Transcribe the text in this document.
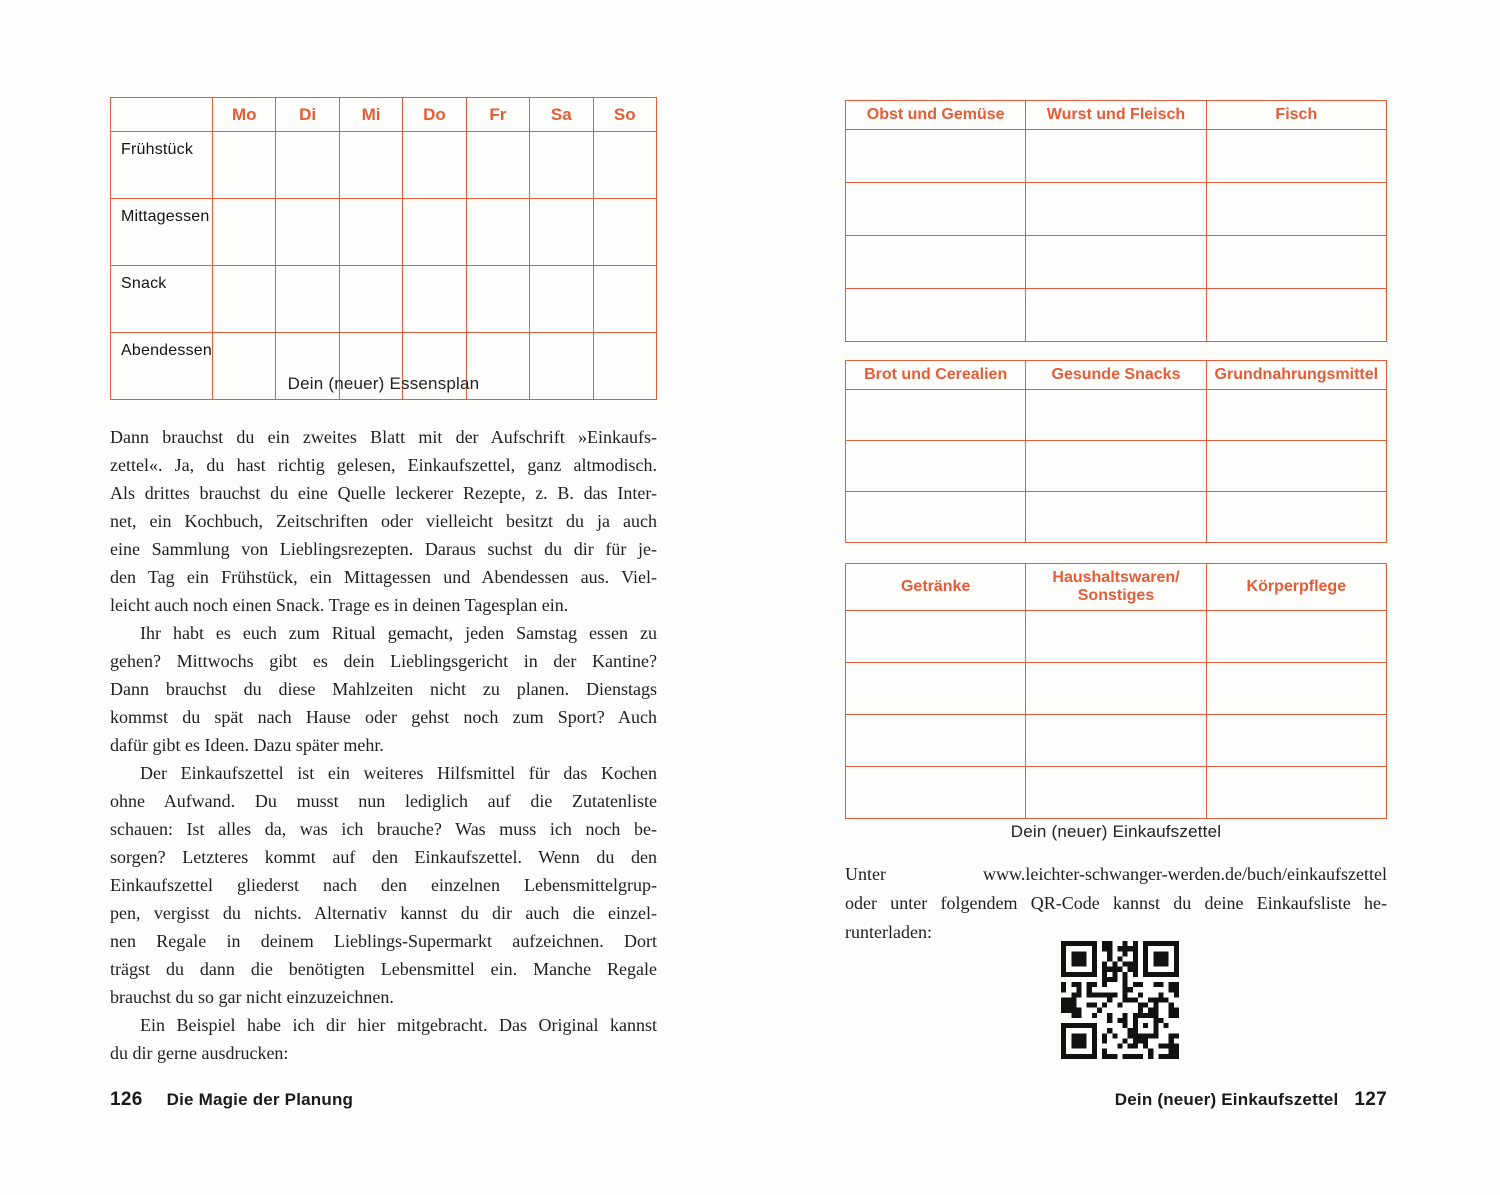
	Mo	Di	Mi	Do	Fr	Sa	So
Frühstück							
Mittagessen							
Snack							
Abendessen							
Dein (neuer) Essensplan
Dann brauchst du ein zweites Blatt mit der Aufschrift »Einkaufs-
zettel«. Ja, du hast richtig gelesen, Einkaufszettel, ganz altmodisch.
Als drittes brauchst du eine Quelle leckerer Rezepte, z. B. das Inter-
net, ein Kochbuch, Zeitschriften oder vielleicht besitzt du ja auch
eine Sammlung von Lieblingsrezepten. Daraus suchst du dir für je-
den Tag ein Frühstück, ein Mittagessen und Abendessen aus. Viel-
leicht auch noch einen Snack. Trage es in deinen Tagesplan ein.
Ihr habt es euch zum Ritual gemacht, jeden Samstag essen zu
gehen? Mittwochs gibt es dein Lieblingsgericht in der Kantine?
Dann brauchst du diese Mahlzeiten nicht zu planen. Dienstags
kommst du spät nach Hause oder gehst noch zum Sport? Auch
dafür gibt es Ideen. Dazu später mehr.
Der Einkaufszettel ist ein weiteres Hilfsmittel für das Kochen
ohne Aufwand. Du musst nun lediglich auf die Zutatenliste
schauen: Ist alles da, was ich brauche? Was muss ich noch be-
sorgen? Letzteres kommt auf den Einkaufszettel. Wenn du den
Einkaufszettel gliederst nach den einzelnen Lebensmittelgrup-
pen, vergisst du nichts. Alternativ kannst du dir auch die einzel-
nen Regale in deinem Lieblings-Supermarkt aufzeichnen. Dort
trägst du dann die benötigten Lebensmittel ein. Manche Regale
brauchst du so gar nicht einzuzeichnen.
Ein Beispiel habe ich dir hier mitgebracht. Das Original kannst
du dir gerne ausdrucken:
126 Die Magie der Planung
Obst und Gemüse	Wurst und Fleisch	Fisch

Brot und Cerealien	Gesunde Snacks	Grundnahrungsmittel

Getränke	Haushaltswaren/
Sonstiges	Körperpflege

Dein (neuer) Einkaufszettel
Unter www.leichter-schwanger-werden.de/buch/einkaufszettel
oder unter folgendem QR-Code kannst du deine Einkaufsliste he-
runterladen:
Dein (neuer) Einkaufszettel 127
